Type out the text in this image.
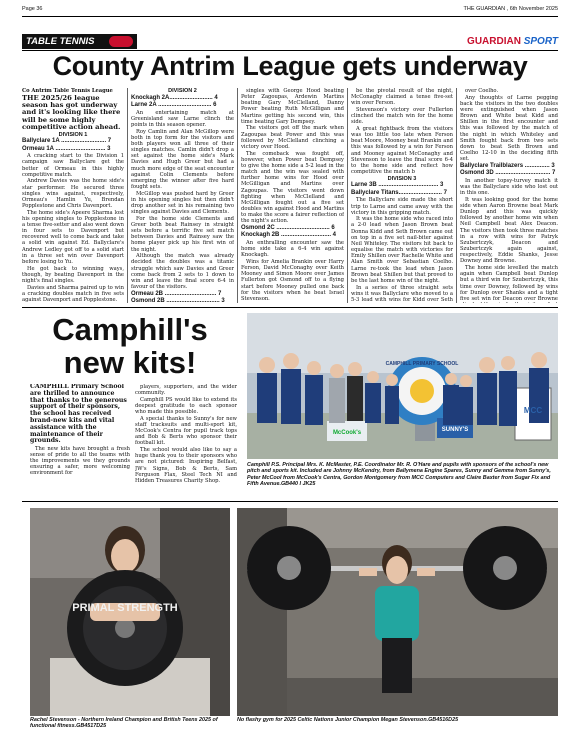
Page 36	THE GUARDIAN , 6th November 2025
TABLE TENNIS	GUARDIAN SPORT
County Antrim League gets underway

Co Antrim Table Tennis League

THE 2025/26 league season has got underway and it's looking like there will be some highly competitive action ahead.

DIVISION 1

Ballyclare 1A ........................... 7

Ormeau 1A .............................. 3

A cracking start to the Division 1 campaign saw Ballyclare get the better of Ormeau in this highly competitive match.

Andrew Davies was the home side's star performer. He secured three singles wins against, respectively, Ormeau's Hamlin Yu, Brendan Popplestone and Chris Davenport.

The home side's Apeere Sharma lost his opening singles to Popplestone in a tense five-setter and also went down in four sets to Davenport but recovered well to come back and take a solid win against Ed. Ballyclare's Andrew Ledley got off to a solid start in a three set win over Davenport before losing to Yu.

He got back to winning ways, though, by beating Davenport in the night's final singles.

Davies and Sharma paired up to win a cracking doubles match in five sets against Davenport and Popplestone.

DIVISION 2

Knockagh 2A.......................... 4

Larne 2A ................................ 6

An entertaining match at Greenisland saw Larne clinch the points in this season opener.

Roy Camlin and Alan McGillop were both in top form for the visitors and both players won all three of their singles matches. Camlin didn't drop a set against the home side's Mark Davies and Hugh Greer but had a much more edge of the seat encounter against Colin Clements before emerging the winner after five hard fought sets.

McGillop was pushed hard by Greer in his opening singles but then didn't drop another set in his remaining two singles against Davies and Clements.

For the home side Clements and Greer both beat Rainsey in straight sets before a terrific five set match between Davies and Rainsey saw the home player pick up his first win of the night.

Although the match was already decided the doubles was a titanic struggle which saw Davies and Greer come back from 2 sets to 1 down to win and leave the final score 6-4 in favour of the visitors.

Ormeau 2B ............................... 7

Osmond 2B ................................ 3

singles with George Hood beating Peter Zagoupas, Ardewin Martins beating Gary McClelland, Danny Power beating Ruth McGilligan and Martins getting his second win, this time beating Gary Dempsey.

The visitors got off the mark when Zagoupas beat Power and this was followed by McClelland clinching a victory over Hood.

The comeback was fought off, however, when Power beat Dempsey to give the home side a 5-2 lead in the match and the win was sealed with further home wins for Hood over McGilligan and Martins over Zagoupas. The visitors went down fighting when McClelland and McGilligan fought out a five set doubles win against Hood and Martins to make the score a fairer reflection of the night's action.

Osmond 2C ................................ 6

Knockagh 2B .............................. 4

An enthralling encounter saw the home side take a 6-4 win against Knockagh.

Wins for Amelia Brankin over Harry Ferson, David McConaghy over Keith Mooney and Simon Moore over James Fullerton got Osmond off to a flying start before Mooney pulled one back for the visitors when he beat Israel Stevenson.

be the pivotal result of the night, McConaghy claimed a tense five-set win over Ferson.

Stevenson's victory over Fullerton clinched the match win for the home side.

A great fightback from the visitors was too little too late when Ferson beat Moore, Mooney beat Brankin and this was followed by a win for Ferson and Mooney against McConaghy and Stevenson to leave the final score 6-4 to the home side and reflect how competitive the match b

DIVISION 3

Larne 3B .................................... 3

Ballyclare Titans.......................... 7

The Ballyclare side made the short trip to Larne and came away with the victory in this gripping match.

It was the home side who raced into a 2-0 lead when Jason Brown beat Donna Kidd and Seth Brown came out on top in a five set nail-biter against Neil Whiteley. The visitors hit back to equalise the match with victories for Emily Shillen over Rachelle White and Alan Smith over Sebastian Coelho. Larne re-took the lead when Jason Brown beat Shillen but that proved to be the last home win of the night.

In a series of three straight sets wins it was Ballyclare who moved to a 5-3 lead with wins for Kidd over Seth

over Coelho.

Any thoughts of Larne pegging back the visitors in the two doubles were extinguished when Jason Brown and White beat Kidd and Shillen in the first encounter and this was followed by the match of the night in which Whiteley and Smith fought back from two sets down to beat Seth Brown and Coelho 12-10 in the deciding fifth set.

Ballyclare Trailblazers ............... 3

Osmond 3D ................................. 7

In another topsy-turvey match it was the Ballyclare side who lost out in this one.

It was looking good for the home side when Aaron Browne beat Mark Dunlop and this was quickly followed by another home win when Neil Campbell beat Alex Deacon. The visitors then took three matches in a row with wins for Patryk Szubertczyk, Deacon and Szubertczyk again against, respectively, Eddie Shanks, Jesse Downey and Browne.

The home side levelled the match again when Campbell beat Dunlop but a third win for Szubertczyk, this time over Downey, followed by wins for Dunlop over Shanks and a tight five set win for Deacon over Browne

Camphill's
new kits!

CAMPHILL Primary School are thrilled to announce that thanks to the generous support of their sponsors, the school has received brand-new kits and vital assistance with the maintenance of their grounds.

The new kits have brought a fresh sense of pride to all the teams with the improvements we they grounds ensuring a safer, more welcoming environment for

players, supporters, and the wider community.

Camphill PS would like to extend its deepest gratitude to each sponsor who made this possible.

A special thanks to Sunny's for new staff tracksuits and multi-sport kit, McCook's Centra for pupil track tops and Bob & Berts who sponsor their football kit.

The school would also like to say a huge thank you to their sponsors who are not pictured: Inspiring Belfast, JW's Signs, Bob & Berts, Sam Ferguson Flax, Steel Tech NI and Hidden Treasures Charity Shop.

CAMPHILL PRIMARY SCHOOL
McCook's	SUNNY'S
MCC
Camphill P.S. Principal Mrs. K. McMaster, P.E. Coordinator Mr. R. O'Hare and pupils with sponsors of the school's new pitch and sports kit. Included are Johnny McKendry, from Ballymena Engine Spares, Sunny and Gemma from Sunny's, Peter McCool from McCook's Centra, Gordon Montgomery from MCC Computers and Claire Baxter from Sugar Fix and Fifth Avenue.GB440 I JK25
PRIMAL STRENGTH
Rachel Stevenson - Northern Ireland Champion and British Teens 2025 of functional fitness.GB4517D25
No flashy gym for 2025 Celtic Nations Junior Champion Megan Stevenson.GB4516D25
